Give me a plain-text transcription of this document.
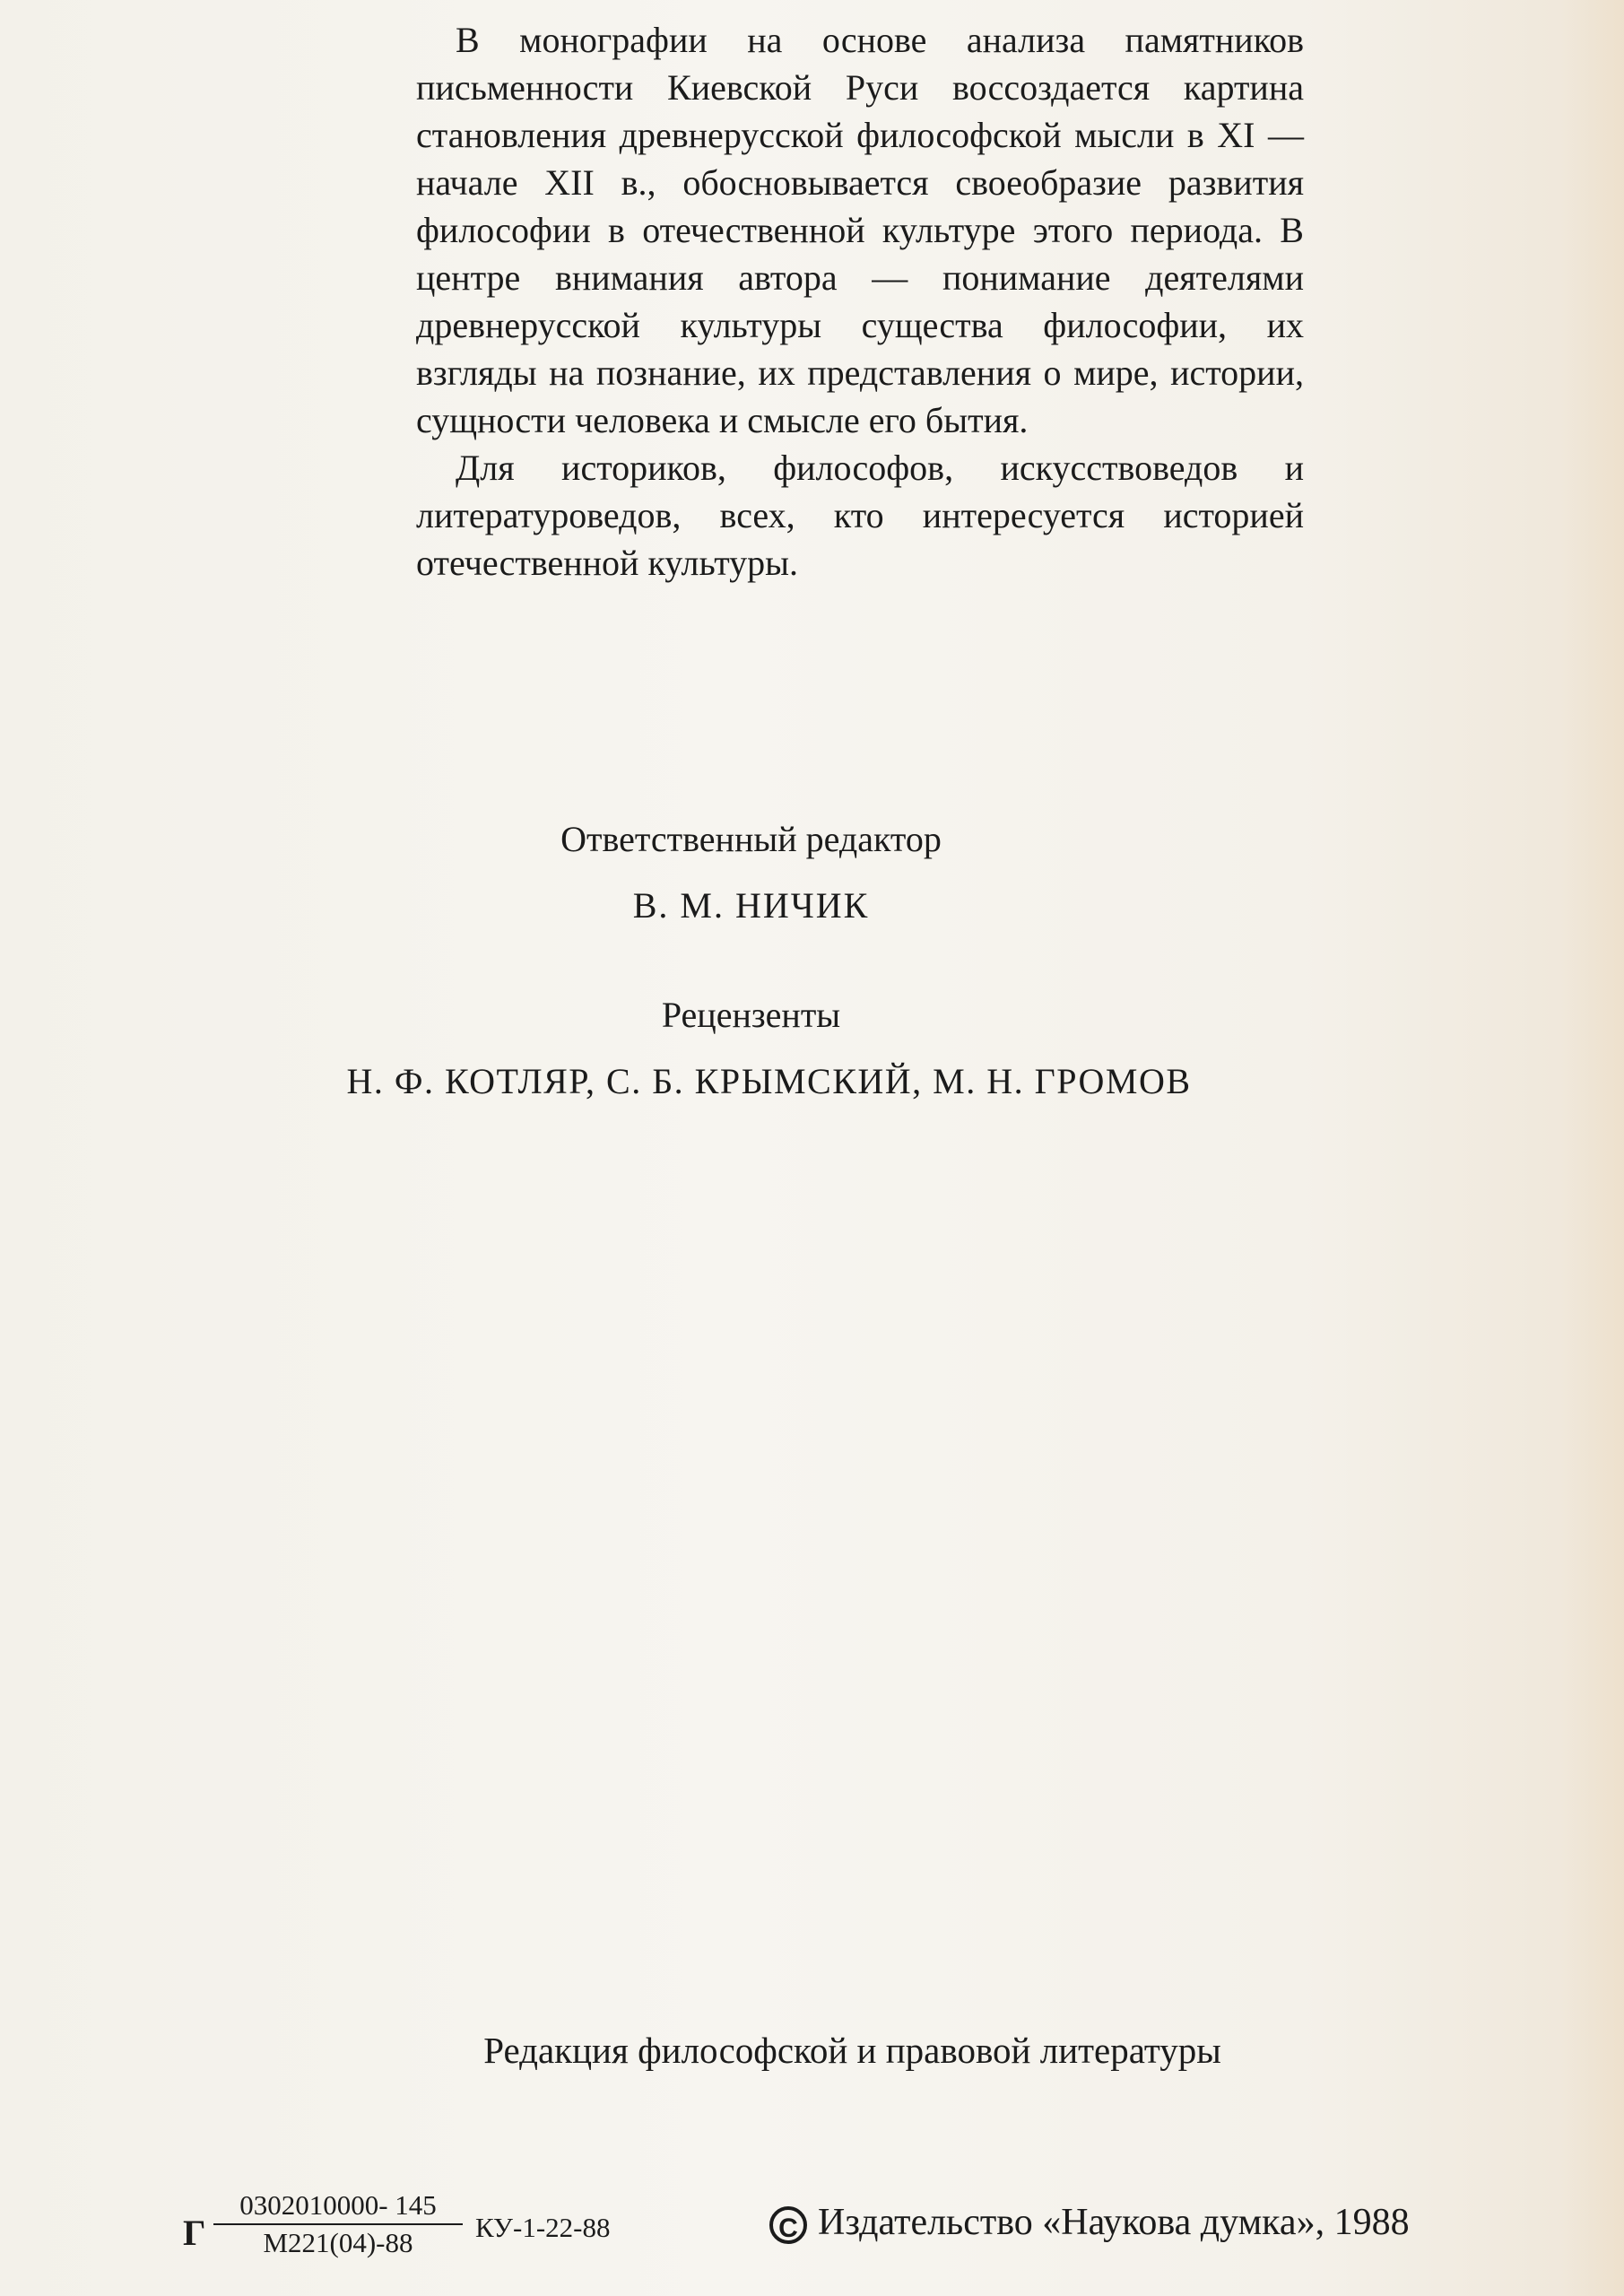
В монографии на основе анализа памятников письменности Киевской Руси воссоздается картина становления древнерусской философской мысли в XI — начале XII в., обосновывается своеобразие развития философии в отечественной культуре этого периода. В центре внимания автора — понимание деятелями древнерусской культуры существа философии, их взгляды на познание, их представления о мире, истории, сущности человека и смысле его бытия.

Для историков, философов, искусствоведов и литературоведов, всех, кто интересуется историей отечественной культуры.

Ответственный редактор
В. М. НИЧИК
Рецензенты
Н. Ф. КОТЛЯР, С. Б. КРЫМСКИЙ, М. Н. ГРОМОВ
Редакция философской и правовой литературы
Г
0302010000- 145
М221(04)-88	КУ-1-22-88	C Издательство «Наукова думка», 1988
